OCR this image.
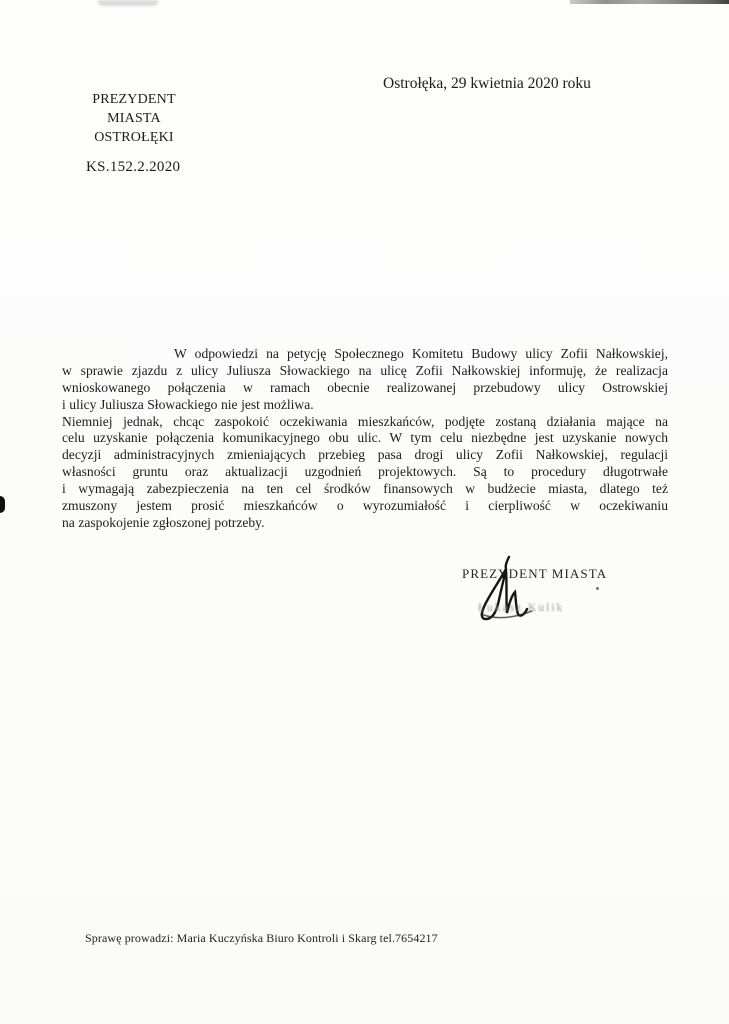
PREZYDENT MIASTA
OSTROŁĘKI
Ostrołęka, 29 kwietnia 2020 roku
KS.152.2.2020
W odpowiedzi na petycję Społecznego Komitetu Budowy ulicy Zofii Nałkowskiej,
w sprawie zjazdu z ulicy Juliusza Słowackiego na ulicę Zofii Nałkowskiej informuję, że realizacja
wnioskowanego połączenia w ramach obecnie realizowanej przebudowy ulicy Ostrowskiej
i ulicy Juliusza Słowackiego nie jest możliwa.
Niemniej jednak, chcąc zaspokoić oczekiwania mieszkańców, podjęte zostaną działania mające na
celu uzyskanie połączenia komunikacyjnego obu ulic. W tym celu niezbędne jest uzyskanie nowych
decyzji administracyjnych zmieniających przebieg pasa drogi ulicy Zofii Nałkowskiej, regulacji
własności gruntu oraz aktualizacji uzgodnień projektowych. Są to procedury długotrwałe
i wymagają zabezpieczenia na ten cel środków finansowych w budżecie miasta, dlatego też
zmuszony jestem prosić mieszkańców o wyrozumiałość i cierpliwość w oczekiwaniu
na zaspokojenie zgłoszonej potrzeby.
PREZYDENT MIASTA
Łukasz Kulik
Sprawę prowadzi: Maria Kuczyńska Biuro Kontroli i Skarg tel.7654217
